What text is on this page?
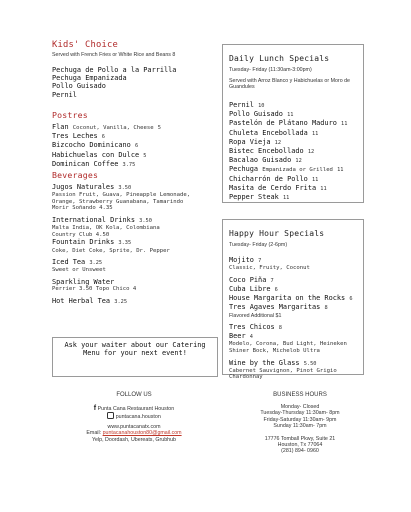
Kids' Choice
Served with French Fries or White Rice and Beans 8
Pechuga de Pollo a la Parrilla
Pechuga Empanizada
Pollo Guisado
Pernil
Postres
Flan Coconut, Vanilla, Cheese 5
Tres Leches 6
Bizcocho Dominicano 6
Habichuelas con Dulce 5
Dominican Coffee 3.75
Beverages
Jugos Naturales 3.50
Passion Fruit, Guava, Pineapple Lemonade, Orange, Strawberry Guanabana, Tamarindo
Morir Soñando 4.35
International Drinks 3.50
Malta India, OK Kola, Colombiana
Country Club 4.50
Fountain Drinks 3.35
Coke, Diet Coke, Sprite, Dr. Pepper
Iced Tea 3.25
Sweet or Unsweet
Sparkling Water
Perrier 3.50 Topo Chico 4
Hot Herbal Tea 3.25
Ask your waiter about our Catering Menu for your next event!
Daily Lunch Specials
Tuesday- Friday (11:30am-3:00pm)
Served with Arroz Blanco y Habichuelas or Moro de Guandules
Pernil 10
Pollo Guisado 11
Pastelón de Plátano Maduro 11
Chuleta Encebollada 11
Ropa Vieja 12
Bistec Encebollado 12
Bacalao Guisado 12
Pechuga Empanizada or Grilled 11
Chicharrón de Pollo 11
Masita de Cerdo Frita 11
Pepper Steak 11
Happy Hour Specials
Tuesday- Friday (2-6pm)
Mojito 7
Classic, Fruity, Coconut
Coco Piña 7
Cuba Libre 6
House Margarita on the Rocks 6
Tres Agaves Margaritas 8
Flavored Additional $1
Tres Chicos 8
Beer 4
Modelo, Corona, Bud Light, Heineken Shiner Bock, Michelob Ultra
Wine by the Glass 5.50
Cabernet Sauvignon, Pinot Grigio Chardonnay
FOLLOW US
f Punta Cana Restaurant Houston
puntacana.houston
www.puntacanatx.com
Email: puntacanahouston80@gmail.com
Yelp, Doordash, Ubereats, Grubhub
BUSINESS HOURS
Monday- Closed
Tuesday-Thursday 11:30am- 8pm
Friday-Saturday 11:30am- 9pm
Sunday 11:30am- 7pm
17776 Tomball Pkwy, Suite 21
Houston, Tx 77064
(281) 894- 0960
